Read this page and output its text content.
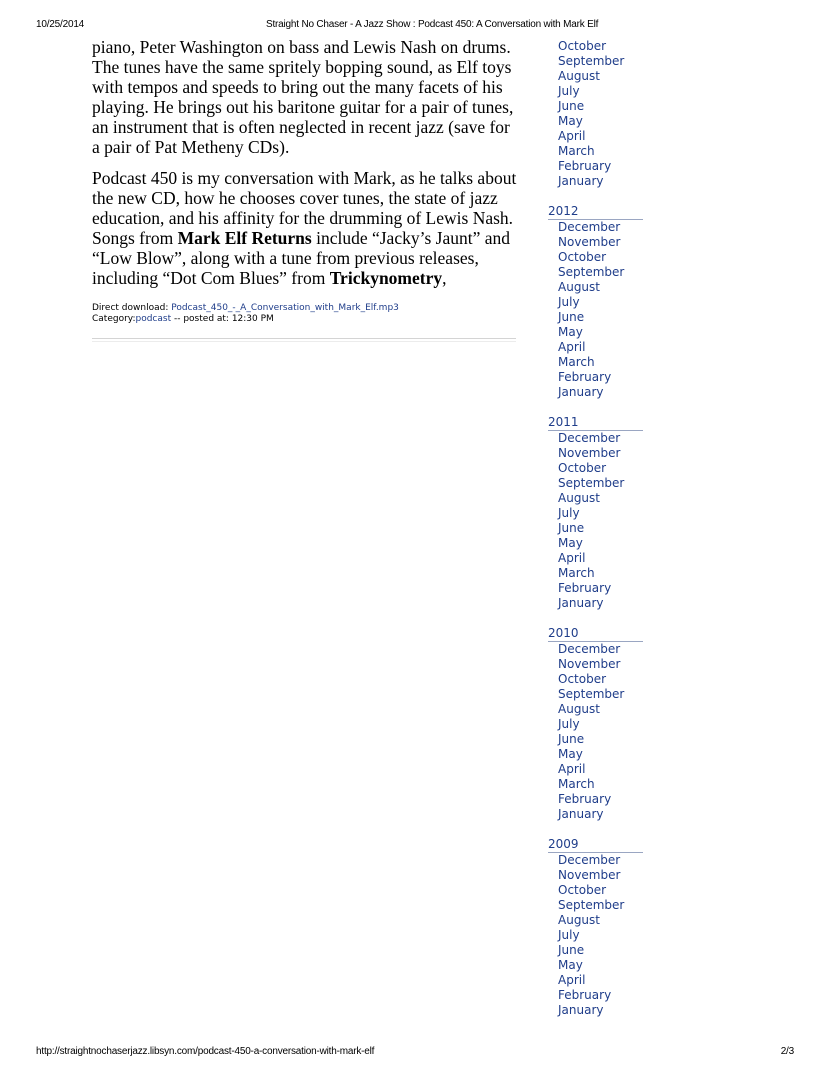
10/25/2014	Straight No Chaser - A Jazz Show : Podcast 450: A Conversation with Mark Elf

piano, Peter Washington on bass and Lewis Nash on drums. The tunes have the same spritely bopping sound, as Elf toys with tempos and speeds to bring out the many facets of his playing. He brings out his baritone guitar for a pair of tunes, an instrument that is often neglected in recent jazz (save for a pair of Pat Metheny CDs).

Podcast 450 is my conversation with Mark, as he talks about the new CD, how he chooses cover tunes, the state of jazz education, and his affinity for the drumming of Lewis Nash. Songs from Mark Elf Returns include “Jacky’s Jaunt” and “Low Blow”, along with a tune from previous releases, including “Dot Com Blues” from Trickynometry,

Direct download: Podcast_450_-_A_Conversation_with_Mark_Elf.mp3
Category:podcast -- posted at: 12:30 PM
October
September
August
July
June
May
April
March
February
January
2012
December
November
October
September
August
July
June
May
April
March
February
January
2011
December
November
October
September
August
July
June
May
April
March
February
January
2010
December
November
October
September
August
July
June
May
April
March
February
January
2009
December
November
October
September
August
July
June
May
April
February
January
http://straightnochaserjazz.libsyn.com/podcast-450-a-conversation-with-mark-elf	2/3
